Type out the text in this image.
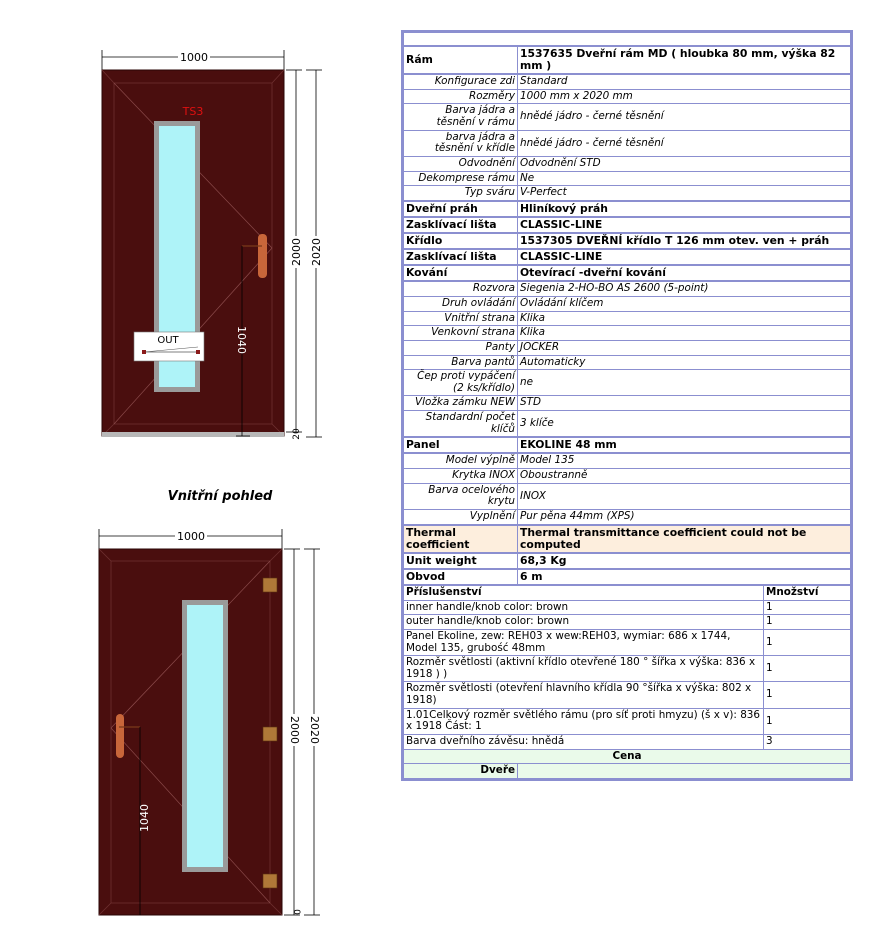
1000
TS3
1040
OUT
2000 2020
20
1000
1040
2000 2020
0
Vnitřní pohled

Rám	1537635 Dveřní rám MD ( hloubka 80 mm, výška 82 mm )	
Konfigurace zdi	Standard	
Rozměry	1000 mm x 2020 mm	
Barva jádra a těsnění v rámu	hnědé jádro - černé těsnění	
barva jádra a těsnění v křídle	hnědé jádro - černé těsnění	
Odvodnění	Odvodnění STD	
Dekomprese rámu	Ne	
Typ sváru	V-Perfect	
Dveřní práh	Hliníkový práh	
Zasklívací lišta	CLASSIC-LINE	
Křídlo	1537305 DVEŘNÍ křídlo T 126 mm otev. ven + práh	
Zasklívací lišta	CLASSIC-LINE	
Kování	Otevírací -dveřní kování	
Rozvora	Siegenia 2-HO-BO AS 2600 (5-point)	
Druh ovládání	Ovládání klíčem	
Vnitřní strana	Klika	
Venkovní strana	Klika	
Panty	JOCKER	
Barva pantů	Automaticky	
Čep proti vypáčení (2 ks/křídlo)	ne	
Vložka zámku NEW	STD	
Standardní počet klíčů	3 klíče	
Panel	EKOLINE 48 mm	
Model výplně	Model 135	
Krytka INOX	Oboustranně	
Barva ocelového krytu	INOX	
Vyplnění	Pur pěna 44mm (XPS)	
Thermal coefficient	Thermal transmittance coefficient could not be computed	
Unit weight	68,3 Kg	
Obvod	6 m	
Příslušenství		Množství
inner handle/knob color: brown		1
outer handle/knob color: brown		1
Panel Ekoline, zew: REH03 x wew:REH03, wymiar: 686 x 1744, Model 135, grubość 48mm		1
Rozměr světlosti (aktivní křídlo otevřené 180 ° šířka x výška: 836 x 1918 ) )		1
Rozměr světlosti (otevření hlavního křídla 90 °šířka x výška: 802 x 1918)		1
1.01Celkový rozměr světlého rámu (pro síť proti hmyzu) (š x v): 836 x 1918 Část: 1		1
Barva dveřního závěsu: hnědá		3
Cena		
Dveře		
